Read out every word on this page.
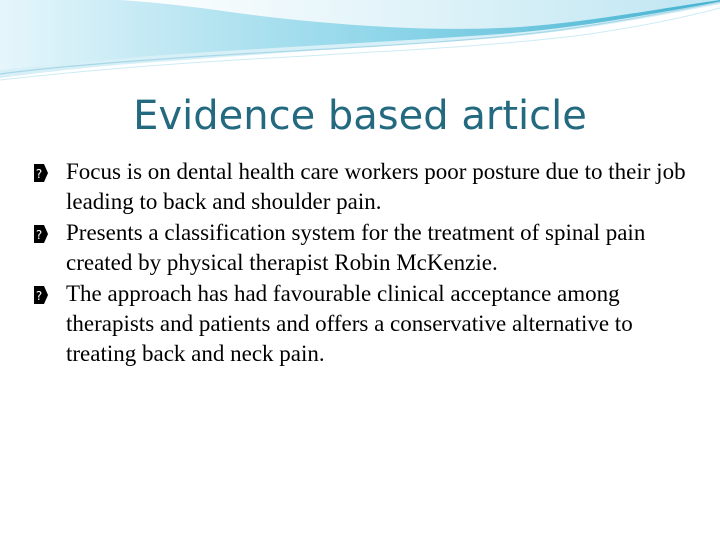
Evidence based article
? Focus is on dental health care workers poor posture due to their job leading to back and shoulder pain.
? Presents a classification system for the treatment of spinal pain created by physical therapist Robin McKenzie.
? The approach has had favourable clinical acceptance among therapists and patients and offers a conservative alternative to treating back and neck pain.
